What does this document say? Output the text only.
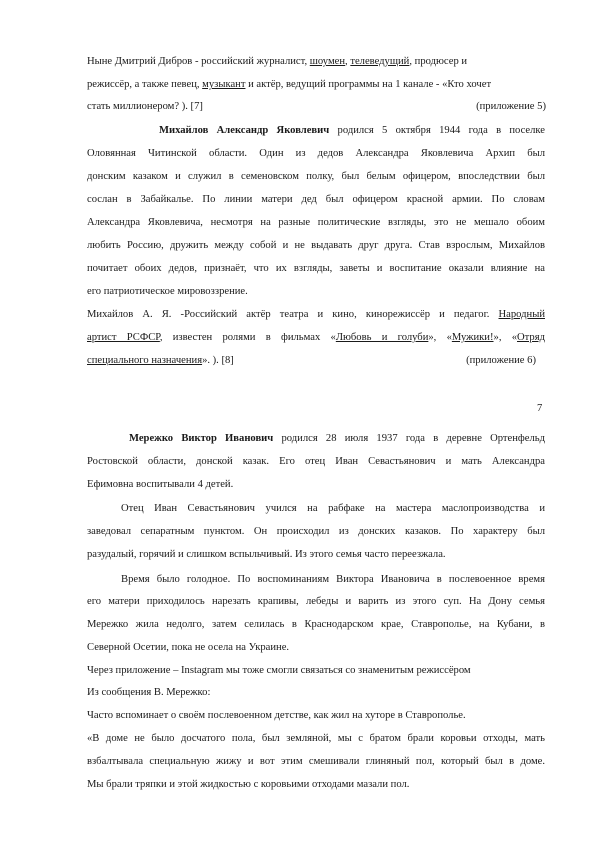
Ныне Дмитрий Дибров - российский журналист, шоумен, телеведущий, продюсер и
режиссёр, а также певец, музыкант и актёр, ведущий программы на 1 канале - «Кто хочет
стать миллионером? ). [7]	(приложение 5)
Михайлов Александр Яковлевич родился 5 октября 1944 года в поселке
Оловянная Читинской области. Один из дедов Александра Яковлевича Архип был
донским казаком и служил в семеновском полку, был белым офицером, впоследствии был
сослан в Забайкалье. По линии матери дед был офицером красной армии. По словам
Александра Яковлевича, несмотря на разные политические взгляды, это не мешало обоим
любить Россию, дружить между собой и не выдавать друг друга. Став взрослым, Михайлов
почитает обоих дедов, признаёт, что их взгляды, заветы и воспитание оказали влияние на
его патриотическое мировоззрение.
Михайлов А. Я. -Российский актёр театра и кино, кинорежиссёр и педагог. Народный
артист РСФСР, известен ролями в фильмах «Любовь и голуби», «Мужики!», «Отряд
специального назначения». ). [8]	(приложение 6)
7
Мережко Виктор Иванович родился 28 июля 1937 года в деревне Ортенфельд
Ростовской области, донской казак. Его отец Иван Севастьянович и мать Александра
Ефимовна воспитывали 4 детей.
Отец Иван Севастьянович учился на рабфаке на мастера маслопроизводства и
заведовал сепаратным пунктом. Он происходил из донских казаков. По характеру был
разудалый, горячий и слишком вспыльчивый. Из этого семья часто переезжала.
Время было голодное. По воспоминаниям Виктора Ивановича в послевоенное время
его матери приходилось нарезать крапивы, лебеды и варить из этого суп. На Дону семья
Мережко жила недолго, затем селилась в Краснодарском крае, Ставрополье, на Кубани, в
Северной Осетии, пока не осела на Украине.
Через приложение – Instagram мы тоже смогли связаться со знаменитым режиссёром
Из сообщения В. Мережко:
Часто вспоминает о своём послевоенном детстве, как жил на хуторе в Ставрополье.
«В доме не было досчатого пола, был земляной, мы с братом брали коровьи отходы, мать
взбалтывала специальную жижу и вот этим смешивали глиняный пол, который был в доме.
Мы брали тряпки и этой жидкостью с коровьими отходами мазали пол.
